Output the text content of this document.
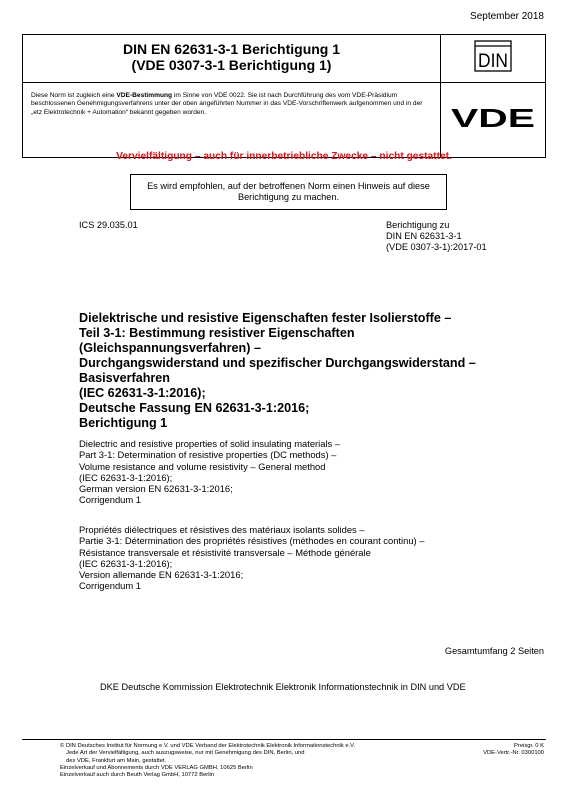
September 2018
DIN EN 62631-3-1 Berichtigung 1
(VDE 0307-3-1 Berichtigung 1)	DIN
Diese Norm ist zugleich eine VDE-Bestimmung im Sinne von VDE 0022. Sie ist nach Durchführung des vom VDE-Präsidium beschlossenen Genehmigungsverfahrens unter der oben angeführten Nummer in das VDE-Vorschriftenwerk aufgenommen und in der „etz Elektrotechnik + Automation“ bekannt gegeben worden.	VDE
Vervielfältigung – auch für innerbetriebliche Zwecke – nicht gestattet.
Es wird empfohlen, auf der betroffenen Norm einen Hinweis auf diese Berichtigung zu machen.
ICS 29.035.01	Berichtigung zu
DIN EN 62631-3-1
(VDE 0307-3-1):2017-01
Dielektrische und resistive Eigenschaften fester Isolierstoffe –
Teil 3-1: Bestimmung resistiver Eigenschaften
(Gleichspannungsverfahren) –
Durchgangswiderstand und spezifischer Durchgangswiderstand –
Basisverfahren
(IEC 62631-3-1:2016);
Deutsche Fassung EN 62631-3-1:2016;
Berichtigung 1
Dielectric and resistive properties of solid insulating materials –
Part 3-1: Determination of resistive properties (DC methods) –
Volume resistance and volume resistivity – General method
(IEC 62631-3-1:2016);
German version EN 62631-3-1:2016;
Corrigendum 1
Propriétés diélectriques et résistives des matériaux isolants solides –
Partie 3-1: Détermination des propriétés résistives (méthodes en courant continu) –
Résistance transversale et résistivité transversale – Méthode générale
(IEC 62631-3-1:2016);
Version allemande EN 62631-3-1:2016;
Corrigendum 1
Gesamtumfang 2 Seiten
DKE Deutsche Kommission Elektrotechnik Elektronik Informationstechnik in DIN und VDE
© DIN Deutsches Institut für Normung e.V. und VDE Verband der Elektrotechnik Elektronik Informationstechnik e.V.
Jede Art der Vervielfältigung, auch auszugsweise, nur mit Genehmigung des DIN, Berlin, und
des VDE, Frankfurt am Main, gestattet.
Einzelverkauf und Abonnements durch VDE VERLAG GMBH, 10625 Berlin
Einzelverkauf auch durch Beuth Verlag GmbH, 10772 Berlin
Preisgr. 0 K
VDE-Vertr.-Nr. 0300100
